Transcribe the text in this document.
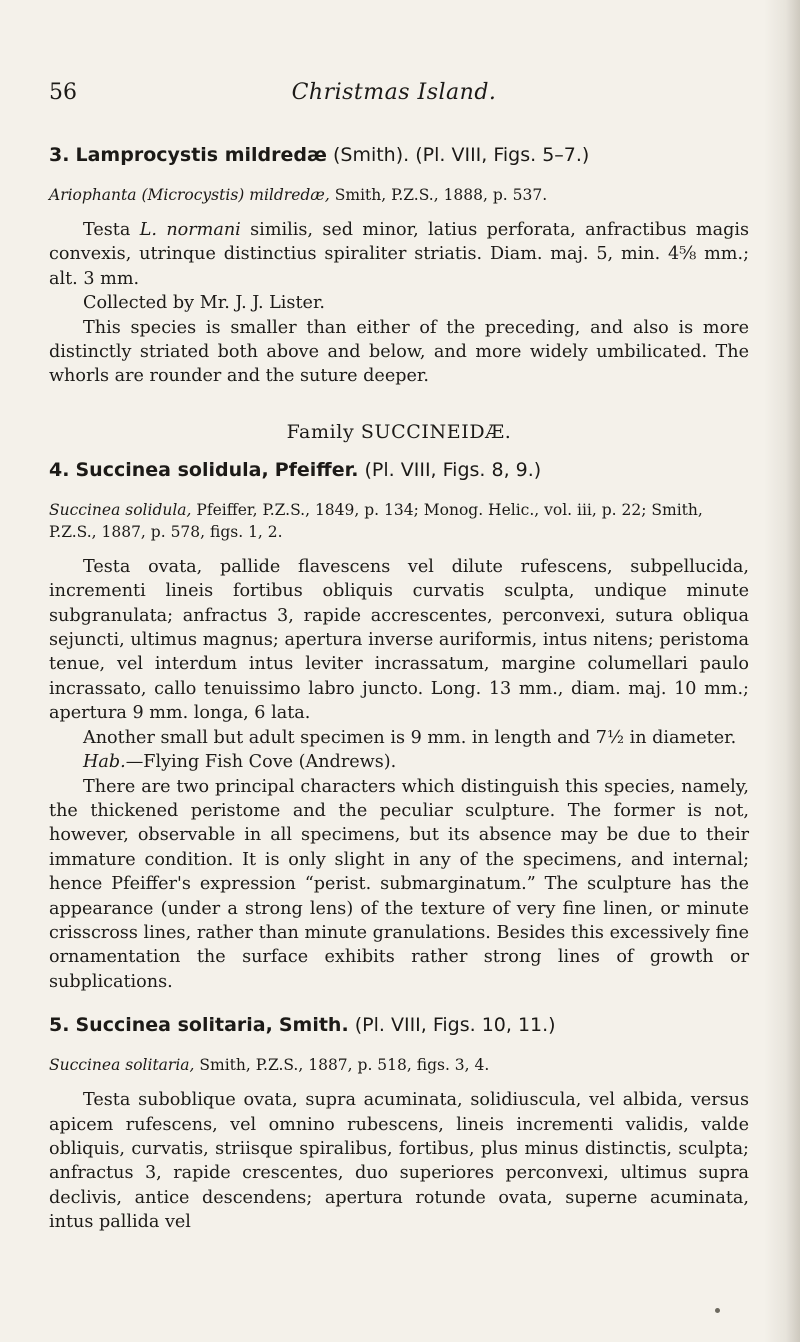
56	Christmas Island.
3. Lamprocystis mildredæ (Smith). (Pl. VIII, Figs. 5–7.)
Ariophanta (Microcystis) mildredæ, Smith, P.Z.S., 1888, p. 537.

Testa L. normani similis, sed minor, latius perforata, anfractibus magis convexis, utrinque distinctius spiraliter striatis. Diam. maj. 5, min. 4⅝ mm.; alt. 3 mm.

Collected by Mr. J. J. Lister.

This species is smaller than either of the preceding, and also is more distinctly striated both above and below, and more widely umbilicated. The whorls are rounder and the suture deeper.

Family SUCCINEIDÆ.
4. Succinea solidula, Pfeiffer. (Pl. VIII, Figs. 8, 9.)
Succinea solidula, Pfeiffer, P.Z.S., 1849, p. 134; Monog. Helic., vol. iii, p. 22; Smith, P.Z.S., 1887, p. 578, figs. 1, 2.

Testa ovata, pallide flavescens vel dilute rufescens, subpellucida, incrementi lineis fortibus obliquis curvatis sculpta, undique minute subgranulata; anfractus 3, rapide accrescentes, perconvexi, sutura obliqua sejuncti, ultimus magnus; apertura inverse auriformis, intus nitens; peristoma tenue, vel interdum intus leviter incrassatum, margine columellari paulo incrassato, callo tenuissimo labro juncto. Long. 13 mm., diam. maj. 10 mm.; apertura 9 mm. longa, 6 lata.

Another small but adult specimen is 9 mm. in length and 7½ in diameter.

Hab.—Flying Fish Cove (Andrews).

There are two principal characters which distinguish this species, namely, the thickened peristome and the peculiar sculpture. The former is not, however, observable in all specimens, but its absence may be due to their immature condition. It is only slight in any of the specimens, and internal; hence Pfeiffer's expression “perist. submarginatum.” The sculpture has the appearance (under a strong lens) of the texture of very fine linen, or minute crisscross lines, rather than minute granulations. Besides this excessively fine ornamentation the surface exhibits rather strong lines of growth or subplications.

5. Succinea solitaria, Smith. (Pl. VIII, Figs. 10, 11.)
Succinea solitaria, Smith, P.Z.S., 1887, p. 518, figs. 3, 4.

Testa suboblique ovata, supra acuminata, solidiuscula, vel albida, versus apicem rufescens, vel omnino rubescens, lineis incrementi validis, valde obliquis, curvatis, striisque spiralibus, fortibus, plus minus distinctis, sculpta; anfractus 3, rapide crescentes, duo superiores perconvexi, ultimus supra declivis, antice descendens; apertura rotunde ovata, superne acuminata, intus pallida vel
